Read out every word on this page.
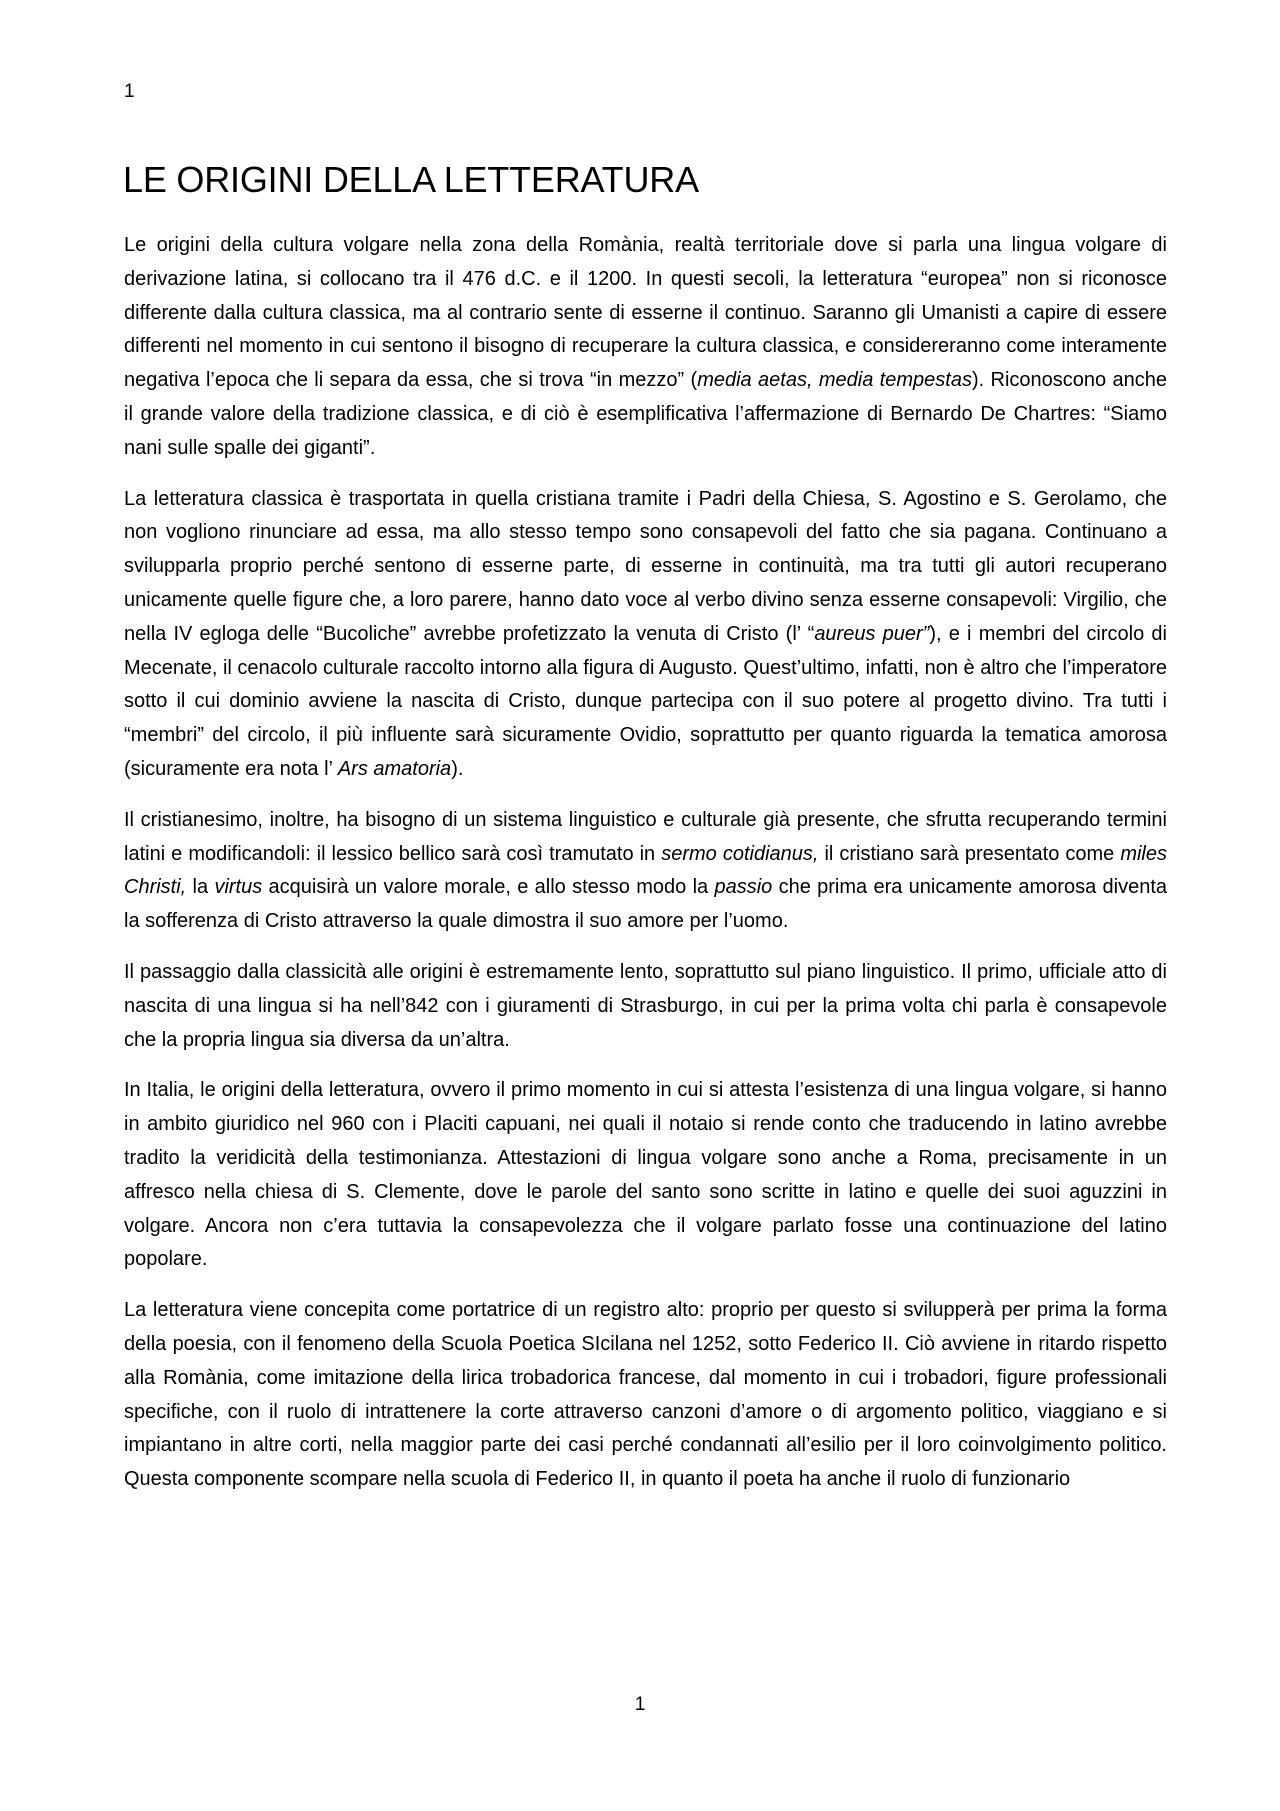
1
LE ORIGINI DELLA LETTERATURA

Le origini della cultura volgare nella zona della Romània, realtà territoriale dove si parla una lingua volgare di derivazione latina, si collocano tra il 476 d.C. e il 1200. In questi secoli, la letteratura “europea” non si riconosce differente dalla cultura classica, ma al contrario sente di esserne il continuo. Saranno gli Umanisti a capire di essere differenti nel momento in cui sentono il bisogno di recuperare la cultura classica, e considereranno come interamente negativa l’epoca che li separa da essa, che si trova “in mezzo” (media aetas, media tempestas). Riconoscono anche il grande valore della tradizione classica, e di ciò è esemplificativa l’affermazione di Bernardo De Chartres: “Siamo nani sulle spalle dei giganti”.

La letteratura classica è trasportata in quella cristiana tramite i Padri della Chiesa, S. Agostino e S. Gerolamo, che non vogliono rinunciare ad essa, ma allo stesso tempo sono consapevoli del fatto che sia pagana. Continuano a svilupparla proprio perché sentono di esserne parte, di esserne in continuità, ma tra tutti gli autori recuperano unicamente quelle figure che, a loro parere, hanno dato voce al verbo divino senza esserne consapevoli: Virgilio, che nella IV egloga delle “Bucoliche” avrebbe profetizzato la venuta di Cristo (l’ “aureus puer”), e i membri del circolo di Mecenate, il cenacolo culturale raccolto intorno alla figura di Augusto. Quest’ultimo, infatti, non è altro che l’imperatore sotto il cui dominio avviene la nascita di Cristo, dunque partecipa con il suo potere al progetto divino. Tra tutti i “membri” del circolo, il più influente sarà sicuramente Ovidio, soprattutto per quanto riguarda la tematica amorosa (sicuramente era nota l’ Ars amatoria).

Il cristianesimo, inoltre, ha bisogno di un sistema linguistico e culturale già presente, che sfrutta recuperando termini latini e modificandoli: il lessico bellico sarà così tramutato in sermo cotidianus, il cristiano sarà presentato come miles Christi, la virtus acquisirà un valore morale, e allo stesso modo la passio che prima era unicamente amorosa diventa la sofferenza di Cristo attraverso la quale dimostra il suo amore per l’uomo.

Il passaggio dalla classicità alle origini è estremamente lento, soprattutto sul piano linguistico. Il primo, ufficiale atto di nascita di una lingua si ha nell’842 con i giuramenti di Strasburgo, in cui per la prima volta chi parla è consapevole che la propria lingua sia diversa da un’altra.

In Italia, le origini della letteratura, ovvero il primo momento in cui si attesta l’esistenza di una lingua volgare, si hanno in ambito giuridico nel 960 con i Placiti capuani, nei quali il notaio si rende conto che traducendo in latino avrebbe tradito la veridicità della testimonianza. Attestazioni di lingua volgare sono anche a Roma, precisamente in un affresco nella chiesa di S. Clemente, dove le parole del santo sono scritte in latino e quelle dei suoi aguzzini in volgare. Ancora non c’era tuttavia la consapevolezza che il volgare parlato fosse una continuazione del latino popolare.

La letteratura viene concepita come portatrice di un registro alto: proprio per questo si svilupperà per prima la forma della poesia, con il fenomeno della Scuola Poetica SIcilana nel 1252, sotto Federico II. Ciò avviene in ritardo rispetto alla Romània, come imitazione della lirica trobadorica francese, dal momento in cui i trobadori, figure professionali specifiche, con il ruolo di intrattenere la corte attraverso canzoni d’amore o di argomento politico, viaggiano e si impiantano in altre corti, nella maggior parte dei casi perché condannati all’esilio per il loro coinvolgimento politico. Questa componente scompare nella scuola di Federico II, in quanto il poeta ha anche il ruolo di funzionario

1
